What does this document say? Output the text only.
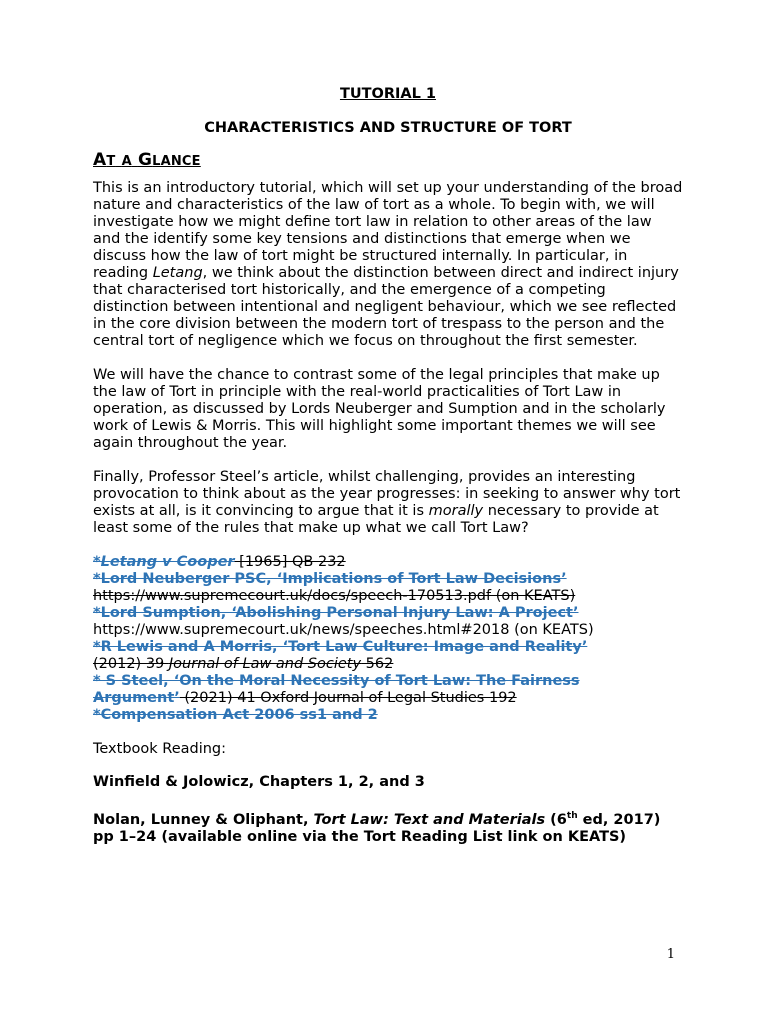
TUTORIAL 1
CHARACTERISTICS AND STRUCTURE OF TORT
AT A GLANCE

This is an introductory tutorial, which will set up your understanding of the broad nature and characteristics of the law of tort as a whole. To begin with, we will investigate how we might define tort law in relation to other areas of the law and the identify some key tensions and distinctions that emerge when we discuss how the law of tort might be structured internally. In particular, in reading Letang, we think about the distinction between direct and indirect injury that characterised tort historically, and the emergence of a competing distinction between intentional and negligent behaviour, which we see reflected in the core division between the modern tort of trespass to the person and the central tort of negligence which we focus on throughout the first semester.

We will have the chance to contrast some of the legal principles that make up the law of Tort in principle with the real-world practicalities of Tort Law in operation, as discussed by Lords Neuberger and Sumption and in the scholarly work of Lewis & Morris. This will highlight some important themes we will see again throughout the year.

Finally, Professor Steel’s article, whilst challenging, provides an interesting provocation to think about as the year progresses: in seeking to answer why tort exists at all, is it convincing to argue that it is morally necessary to provide at least some of the rules that make up what we call Tort Law?

*Letang v Cooper [1965] QB 232
*Lord Neuberger PSC, ‘Implications of Tort Law Decisions’
https://www.supremecourt.uk/docs/speech-170513.pdf (on KEATS)
*Lord Sumption, ‘Abolishing Personal Injury Law: A Project’
https://www.supremecourt.uk/news/speeches.html#2018 (on KEATS)
*R Lewis and A Morris, ‘Tort Law Culture: Image and Reality’
(2012) 39 Journal of Law and Society 562
* S Steel, ‘On the Moral Necessity of Tort Law: The Fairness
Argument’ (2021) 41 Oxford Journal of Legal Studies 192
*Compensation Act 2006 ss1 and 2
Textbook Reading:
Winfield & Jolowicz, Chapters 1, 2, and 3
Nolan, Lunney & Oliphant, Tort Law: Text and Materials (6th ed, 2017) pp 1–24 (available online via the Tort Reading List link on KEATS)
1
